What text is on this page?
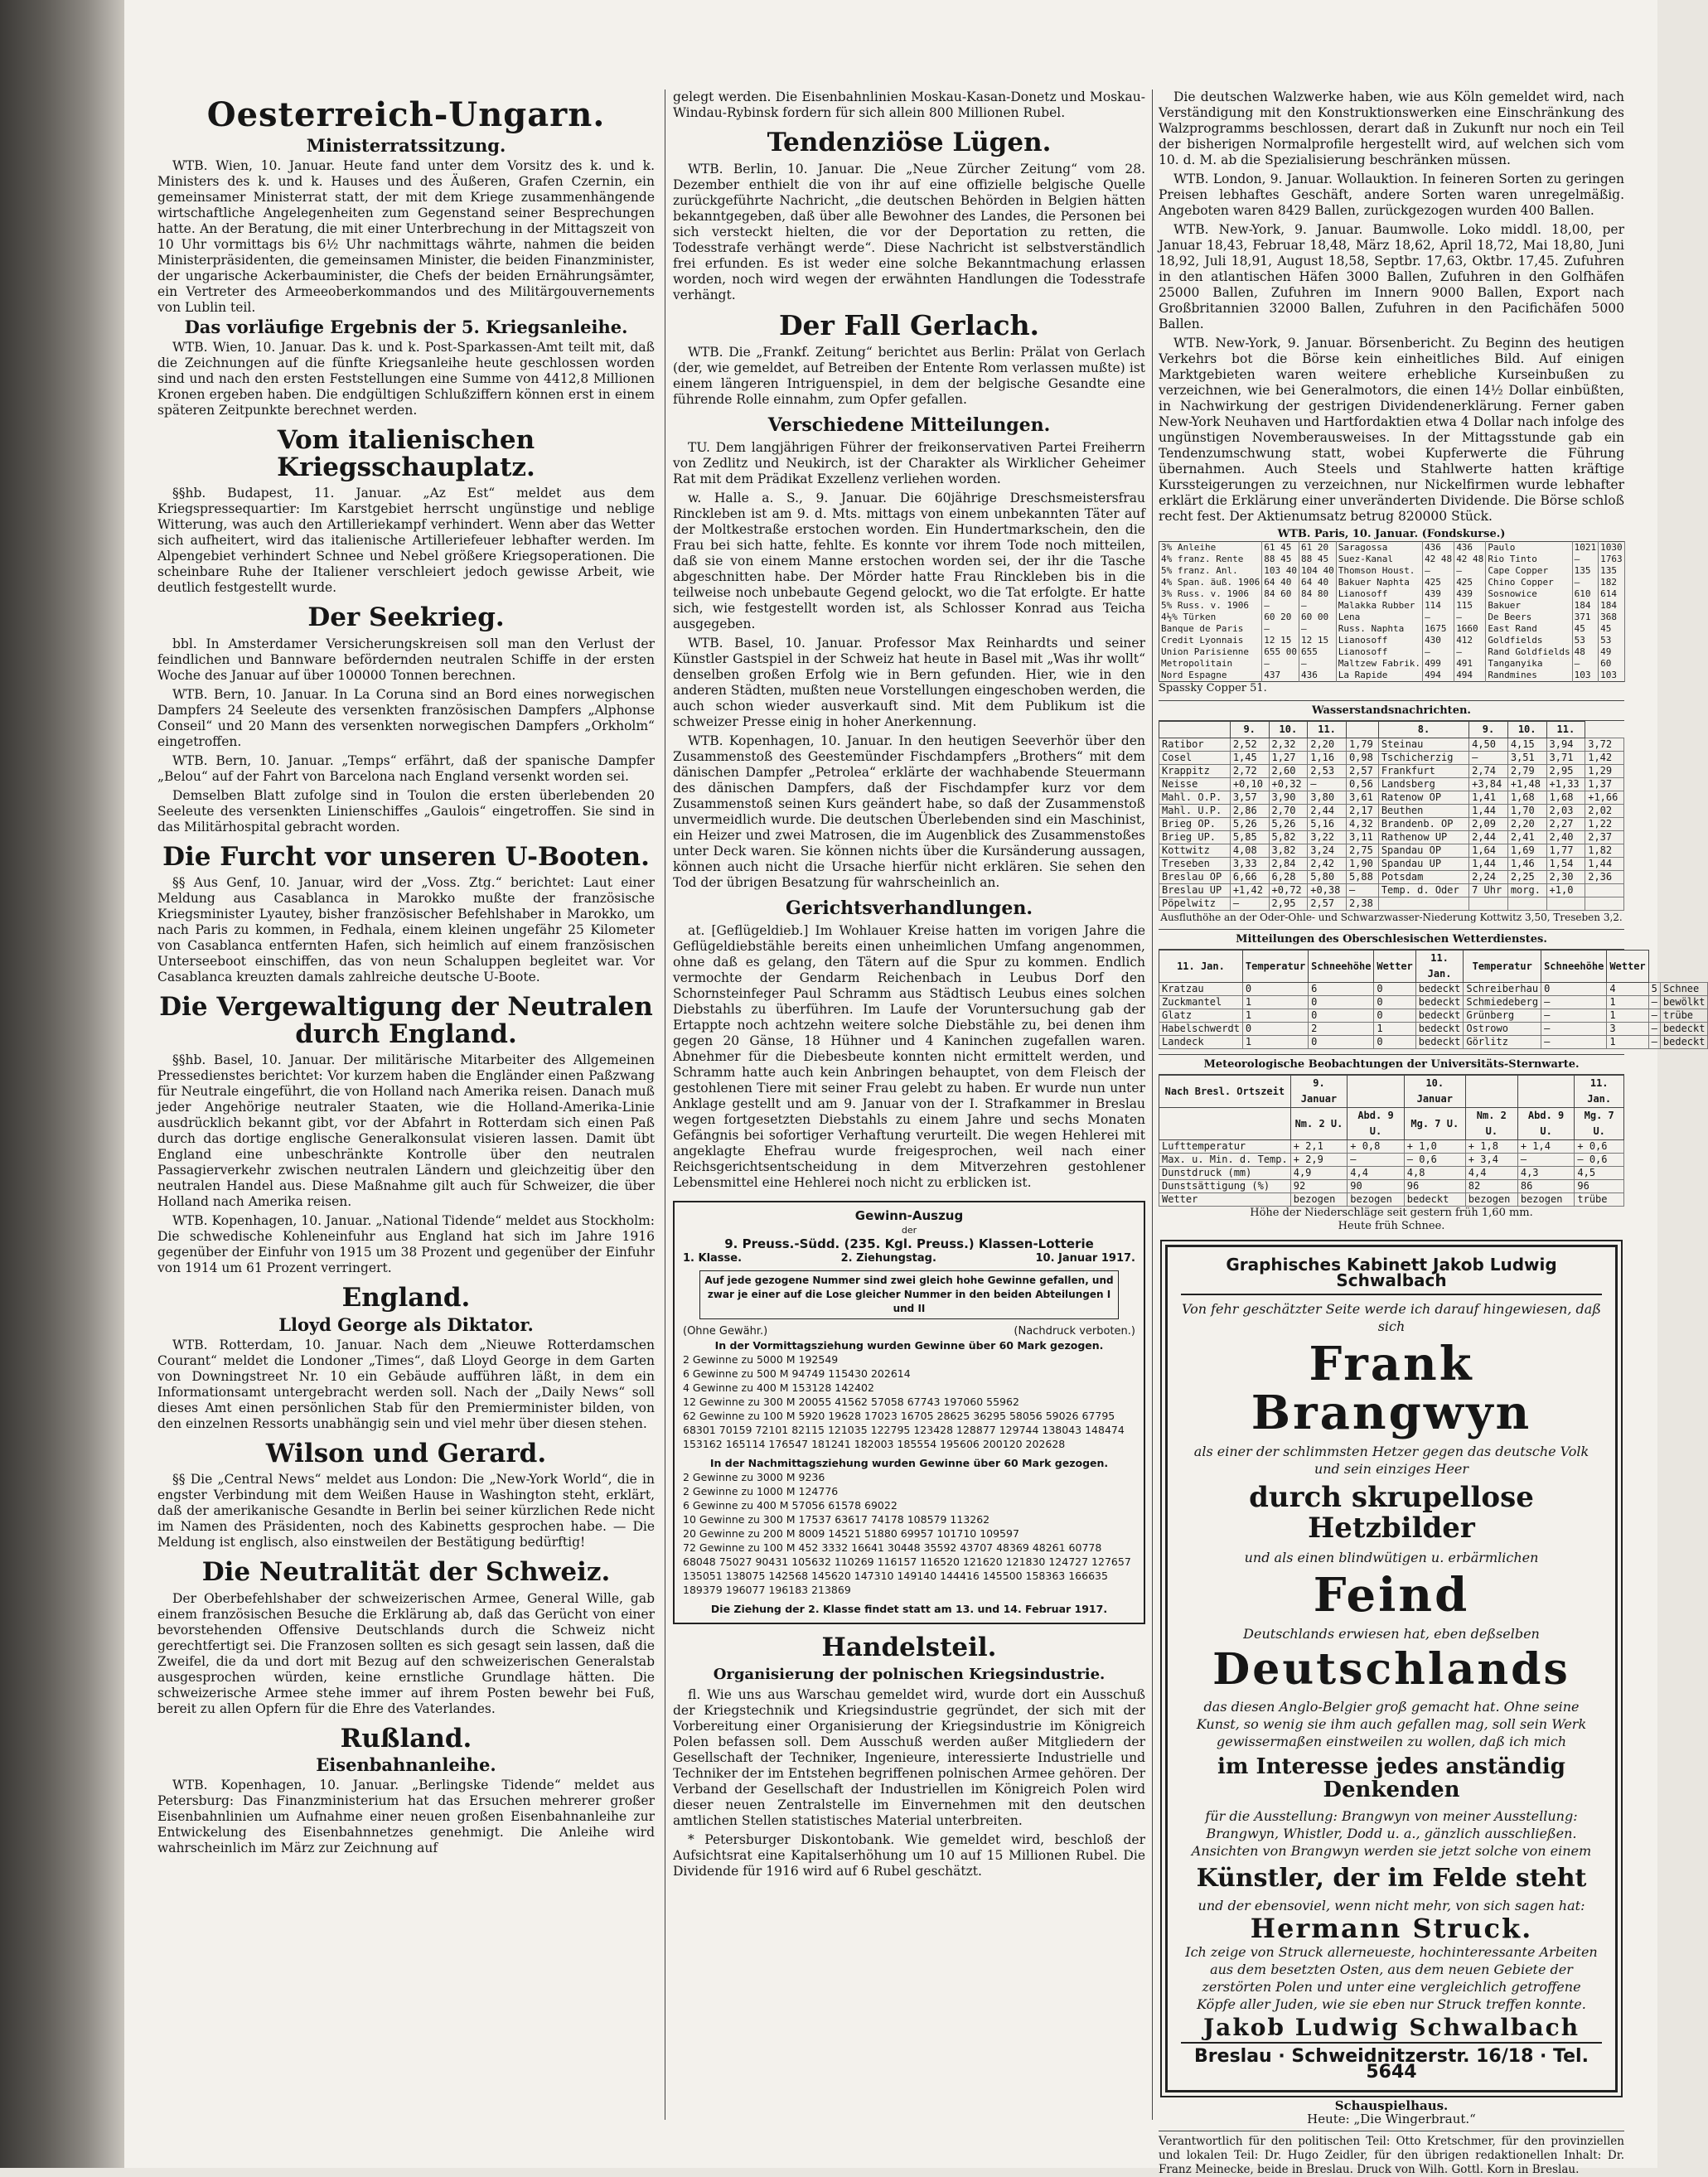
Oesterreich-Ungarn.
Ministerratssitzung.

WTB. Wien, 10. Januar. Heute fand unter dem Vorsitz des k. und k. Ministers des k. und k. Hauses und des Äußeren, Grafen Czernin, ein gemeinsamer Ministerrat statt, der mit dem Kriege zusammenhängende wirtschaftliche Angelegenheiten zum Gegenstand seiner Besprechungen hatte. An der Beratung, die mit einer Unterbrechung in der Mittagszeit von 10 Uhr vormittags bis 6½ Uhr nachmittags währte, nahmen die beiden Ministerpräsidenten, die gemeinsamen Minister, die beiden Finanzminister, der ungarische Ackerbauminister, die Chefs der beiden Ernährungsämter, ein Vertreter des Armeeoberkommandos und des Militärgouvernements von Lublin teil.

Das vorläufige Ergebnis der 5. Kriegsanleihe.

WTB. Wien, 10. Januar. Das k. und k. Post-Sparkassen-Amt teilt mit, daß die Zeichnungen auf die fünfte Kriegsanleihe heute geschlossen worden sind und nach den ersten Feststellungen eine Summe von 4412,8 Millionen Kronen ergeben haben. Die endgültigen Schlußziffern können erst in einem späteren Zeitpunkte berechnet werden.

Vom italienischen Kriegsschauplatz.

§§hb. Budapest, 11. Januar. „Az Est“ meldet aus dem Kriegspressequartier: Im Karstgebiet herrscht ungünstige und neblige Witterung, was auch den Artilleriekampf verhindert. Wenn aber das Wetter sich aufheitert, wird das italienische Artilleriefeuer lebhafter werden. Im Alpengebiet verhindert Schnee und Nebel größere Kriegsoperationen. Die scheinbare Ruhe der Italiener verschleiert jedoch gewisse Arbeit, wie deutlich festgestellt wurde.

Der Seekrieg.

bbl. In Amsterdamer Versicherungskreisen soll man den Verlust der feindlichen und Bannware befördernden neutralen Schiffe in der ersten Woche des Januar auf über 100000 Tonnen berechnen.

WTB. Bern, 10. Januar. In La Coruna sind an Bord eines norwegischen Dampfers 24 Seeleute des versenkten französischen Dampfers „Alphonse Conseil“ und 20 Mann des versenkten norwegischen Dampfers „Orkholm“ eingetroffen.

WTB. Bern, 10. Januar. „Temps“ erfährt, daß der spanische Dampfer „Belou“ auf der Fahrt von Barcelona nach England versenkt worden sei.

Demselben Blatt zufolge sind in Toulon die ersten überlebenden 20 Seeleute des versenkten Linienschiffes „Gaulois“ eingetroffen. Sie sind in das Militärhospital gebracht worden.

Die Furcht vor unseren U-Booten.

§§ Aus Genf, 10. Januar, wird der „Voss. Ztg.“ berichtet: Laut einer Meldung aus Casablanca in Marokko mußte der französische Kriegsminister Lyautey, bisher französischer Befehlshaber in Marokko, um nach Paris zu kommen, in Fedhala, einem kleinen ungefähr 25 Kilometer von Casablanca entfernten Hafen, sich heimlich auf einem französischen Unterseeboot einschiffen, das von neun Schaluppen begleitet war. Vor Casablanca kreuzten damals zahlreiche deutsche U-Boote.

Die Vergewaltigung der Neutralen durch England.

§§hb. Basel, 10. Januar. Der militärische Mitarbeiter des Allgemeinen Pressedienstes berichtet: Vor kurzem haben die Engländer einen Paßzwang für Neutrale eingeführt, die von Holland nach Amerika reisen. Danach muß jeder Angehörige neutraler Staaten, wie die Holland-Amerika-Linie ausdrücklich bekannt gibt, vor der Abfahrt in Rotterdam sich einen Paß durch das dortige englische Generalkonsulat visieren lassen. Damit übt England eine unbeschränkte Kontrolle über den neutralen Passagierverkehr zwischen neutralen Ländern und gleichzeitig über den neutralen Handel aus. Diese Maßnahme gilt auch für Schweizer, die über Holland nach Amerika reisen.

WTB. Kopenhagen, 10. Januar. „National Tidende“ meldet aus Stockholm: Die schwedische Kohleneinfuhr aus England hat sich im Jahre 1916 gegenüber der Einfuhr von 1915 um 38 Prozent und gegenüber der Einfuhr von 1914 um 61 Prozent verringert.

England.
Lloyd George als Diktator.

WTB. Rotterdam, 10. Januar. Nach dem „Nieuwe Rotterdamschen Courant“ meldet die Londoner „Times“, daß Lloyd George in dem Garten von Downingstreet Nr. 10 ein Gebäude aufführen läßt, in dem ein Informationsamt untergebracht werden soll. Nach der „Daily News“ soll dieses Amt einen persönlichen Stab für den Premierminister bilden, von den einzelnen Ressorts unabhängig sein und viel mehr über diesen stehen.

Wilson und Gerard.

§§ Die „Central News“ meldet aus London: Die „New-York World“, die in engster Verbindung mit dem Weißen Hause in Washington steht, erklärt, daß der amerikanische Gesandte in Berlin bei seiner kürzlichen Rede nicht im Namen des Präsidenten, noch des Kabinetts gesprochen habe. — Die Meldung ist englisch, also einstweilen der Bestätigung bedürftig!

Die Neutralität der Schweiz.

Der Oberbefehlshaber der schweizerischen Armee, General Wille, gab einem französischen Besuche die Erklärung ab, daß das Gerücht von einer bevorstehenden Offensive Deutschlands durch die Schweiz nicht gerechtfertigt sei. Die Franzosen sollten es sich gesagt sein lassen, daß die Zweifel, die da und dort mit Bezug auf den schweizerischen Generalstab ausgesprochen würden, keine ernstliche Grundlage hätten. Die schweizerische Armee stehe immer auf ihrem Posten bewehr bei Fuß, bereit zu allen Opfern für die Ehre des Vaterlandes.

Rußland.
Eisenbahnanleihe.

WTB. Kopenhagen, 10. Januar. „Berlingske Tidende“ meldet aus Petersburg: Das Finanzministerium hat das Ersuchen mehrerer großer Eisenbahnlinien um Aufnahme einer neuen großen Eisenbahnanleihe zur Entwickelung des Eisenbahnnetzes genehmigt. Die Anleihe wird wahrscheinlich im März zur Zeichnung auf

gelegt werden. Die Eisenbahnlinien Moskau-Kasan-Donetz und Moskau-Windau-Rybinsk fordern für sich allein 800 Millionen Rubel.

Tendenziöse Lügen.

WTB. Berlin, 10. Januar. Die „Neue Zürcher Zeitung“ vom 28. Dezember enthielt die von ihr auf eine offizielle belgische Quelle zurückgeführte Nachricht, „die deutschen Behörden in Belgien hätten bekanntgegeben, daß über alle Bewohner des Landes, die Personen bei sich versteckt hielten, die vor der Deportation zu retten, die Todesstrafe verhängt werde“. Diese Nachricht ist selbstverständlich frei erfunden. Es ist weder eine solche Bekanntmachung erlassen worden, noch wird wegen der erwähnten Handlungen die Todesstrafe verhängt.

Der Fall Gerlach.

WTB. Die „Frankf. Zeitung“ berichtet aus Berlin: Prälat von Gerlach (der, wie gemeldet, auf Betreiben der Entente Rom verlassen mußte) ist einem längeren Intriguenspiel, in dem der belgische Gesandte eine führende Rolle einnahm, zum Opfer gefallen.

Verschiedene Mitteilungen.

TU. Dem langjährigen Führer der freikonservativen Partei Freiherrn von Zedlitz und Neukirch, ist der Charakter als Wirklicher Geheimer Rat mit dem Prädikat Exzellenz verliehen worden.

w. Halle a. S., 9. Januar. Die 60jährige Dreschsmeistersfrau Rinckleben ist am 9. d. Mts. mittags von einem unbekannten Täter auf der Moltkestraße erstochen worden. Ein Hundertmarkschein, den die Frau bei sich hatte, fehlte. Es konnte vor ihrem Tode noch mitteilen, daß sie von einem Manne erstochen worden sei, der ihr die Tasche abgeschnitten habe. Der Mörder hatte Frau Rinckleben bis in die teilweise noch unbebaute Gegend gelockt, wo die Tat erfolgte. Er hatte sich, wie festgestellt worden ist, als Schlosser Konrad aus Teicha ausgegeben.

WTB. Basel, 10. Januar. Professor Max Reinhardts und seiner Künstler Gastspiel in der Schweiz hat heute in Basel mit „Was ihr wollt“ denselben großen Erfolg wie in Bern gefunden. Hier, wie in den anderen Städten, mußten neue Vorstellungen eingeschoben werden, die auch schon wieder ausverkauft sind. Mit dem Publikum ist die schweizer Presse einig in hoher Anerkennung.

WTB. Kopenhagen, 10. Januar. In den heutigen Seeverhör über den Zusammenstoß des Geestemünder Fischdampfers „Brothers“ mit dem dänischen Dampfer „Petrolea“ erklärte der wachhabende Steuermann des dänischen Dampfers, daß der Fischdampfer kurz vor dem Zusammenstoß seinen Kurs geändert habe, so daß der Zusammenstoß unvermeidlich wurde. Die deutschen Überlebenden sind ein Maschinist, ein Heizer und zwei Matrosen, die im Augenblick des Zusammenstoßes unter Deck waren. Sie können nichts über die Kursänderung aussagen, können auch nicht die Ursache hierfür nicht erklären. Sie sehen den Tod der übrigen Besatzung für wahrscheinlich an.

Gerichtsverhandlungen.

at. [Geflügeldieb.] Im Wohlauer Kreise hatten im vorigen Jahre die Geflügeldiebstähle bereits einen unheimlichen Umfang angenommen, ohne daß es gelang, den Tätern auf die Spur zu kommen. Endlich vermochte der Gendarm Reichenbach in Leubus Dorf den Schornsteinfeger Paul Schramm aus Städtisch Leubus eines solchen Diebstahls zu überführen. Im Laufe der Voruntersuchung gab der Ertappte noch achtzehn weitere solche Diebstähle zu, bei denen ihm gegen 20 Gänse, 18 Hühner und 4 Kaninchen zugefallen waren. Abnehmer für die Diebesbeute konnten nicht ermittelt werden, und Schramm hatte auch kein Anbringen behauptet, von dem Fleisch der gestohlenen Tiere mit seiner Frau gelebt zu haben. Er wurde nun unter Anklage gestellt und am 9. Januar von der I. Strafkammer in Breslau wegen fortgesetzten Diebstahls zu einem Jahre und sechs Monaten Gefängnis bei sofortiger Verhaftung verurteilt. Die wegen Hehlerei mit angeklagte Ehefrau wurde freigesprochen, weil nach einer Reichsgerichtsentscheidung in dem Mitverzehren gestohlener Lebensmittel eine Hehlerei noch nicht zu erblicken ist.

Gewinn-Auszug
der
9. Preuss.-Südd. (235. Kgl. Preuss.) Klassen-Lotterie
1. Klasse.	2. Ziehungstag.	10. Januar 1917.
Auf jede gezogene Nummer sind zwei gleich hohe Gewinne gefallen, und zwar je einer auf die Lose gleicher Nummer in den beiden Abteilungen I und II
(Ohne Gewähr.)	(Nachdruck verboten.)

In der Vormittagsziehung wurden Gewinne über 60 Mark gezogen.

2 Gewinne zu 5000 M 192549

6 Gewinne zu 500 M 94749 115430 202614

4 Gewinne zu 400 M 153128 142402

12 Gewinne zu 300 M 20055 41562 57058 67743 197060 55962

62 Gewinne zu 100 M 5920 19628 17023 16705 28625 36295 58056 59026 67795 68301 70159 72101 82115 121035 122795 123428 128877 129744 138043 148474 153162 165114 176547 181241 182003 185554 195606 200120 202628

In der Nachmittagsziehung wurden Gewinne über 60 Mark gezogen.

2 Gewinne zu 3000 M 9236

2 Gewinne zu 1000 M 124776

6 Gewinne zu 400 M 57056 61578 69022

10 Gewinne zu 300 M 17537 63617 74178 108579 113262

20 Gewinne zu 200 M 8009 14521 51880 69957 101710 109597

72 Gewinne zu 100 M 452 3332 16641 30448 35592 43707 48369 48261 60778 68048 75027 90431 105632 110269 116157 116520 121620 121830 124727 127657 135051 138075 142568 145620 147310 149140 144416 145500 158363 166635 189379 196077 196183 213869

Die Ziehung der 2. Klasse findet statt am 13. und 14. Februar 1917.

Handelsteil.
Organisierung der polnischen Kriegsindustrie.

fl. Wie uns aus Warschau gemeldet wird, wurde dort ein Ausschuß der Kriegstechnik und Kriegsindustrie gegründet, der sich mit der Vorbereitung einer Organisierung der Kriegsindustrie im Königreich Polen befassen soll. Dem Ausschuß werden außer Mitgliedern der Gesellschaft der Techniker, Ingenieure, interessierte Industrielle und Techniker der im Entstehen begriffenen polnischen Armee gehören. Der Verband der Gesellschaft der Industriellen im Königreich Polen wird dieser neuen Zentralstelle im Einvernehmen mit den deutschen amtlichen Stellen statistisches Material unterbreiten.

* Petersburger Diskontobank. Wie gemeldet wird, beschloß der Aufsichtsrat eine Kapitalserhöhung um 10 auf 15 Millionen Rubel. Die Dividende für 1916 wird auf 6 Rubel geschätzt.

Die deutschen Walzwerke haben, wie aus Köln gemeldet wird, nach Verständigung mit den Konstruktionswerken eine Einschränkung des Walzprogramms beschlossen, derart daß in Zukunft nur noch ein Teil der bisherigen Normalprofile hergestellt wird, auf welchen sich vom 10. d. M. ab die Spezialisierung beschränken müssen.

WTB. London, 9. Januar. Wollauktion. In feineren Sorten zu geringen Preisen lebhaftes Geschäft, andere Sorten waren unregelmäßig. Angeboten waren 8429 Ballen, zurückgezogen wurden 400 Ballen.

WTB. New-York, 9. Januar. Baumwolle. Loko middl. 18,00, per Januar 18,43, Februar 18,48, März 18,62, April 18,72, Mai 18,80, Juni 18,92, Juli 18,91, August 18,58, Septbr. 17,63, Oktbr. 17,45. Zufuhren in den atlantischen Häfen 3000 Ballen, Zufuhren in den Golfhäfen 25000 Ballen, Zufuhren im Innern 9000 Ballen, Export nach Großbritannien 32000 Ballen, Zufuhren in den Pacifichäfen 5000 Ballen.

WTB. New-York, 9. Januar. Börsenbericht. Zu Beginn des heutigen Verkehrs bot die Börse kein einheitliches Bild. Auf einigen Marktgebieten waren weitere erhebliche Kurseinbußen zu verzeichnen, wie bei Generalmotors, die einen 14½ Dollar einbüßten, in Nachwirkung der gestrigen Dividendenerklärung. Ferner gaben New-York Neuhaven und Hartfordaktien etwa 4 Dollar nach infolge des ungünstigen Novemberausweises. In der Mittagsstunde gab ein Tendenzumschwung statt, wobei Kupferwerte die Führung übernahmen. Auch Steels und Stahlwerte hatten kräftige Kurssteigerungen zu verzeichnen, nur Nickelfirmen wurde lebhafter erklärt die Erklärung einer unveränderten Dividende. Die Börse schloß recht fest. Der Aktienumsatz betrug 820000 Stück.

WTB. Paris, 10. Januar. (Fondskurse.)
3% Anleihe	61 45	61 20	Saragossa	436	436	Paulo	1021	1030
4% franz. Rente	88 45	88 45	Suez-Kanal	42 48	42 48	Rio Tinto	—	1763
5% franz. Anl.	103 40	104 40	Thomson Houst.	—	—	Cape Copper	135	135
4% Span. äuß. 1906	64 40	64 40	Bakuer Naphta	425	425	Chino Copper	—	182
3% Russ. v. 1906	84 60	84 80	Lianosoff	439	439	Sosnowice	610	614
5% Russ. v. 1906	—	—	Malakka Rubber	114	115	Bakuer	184	184
4½% Türken	60 20	60 00	Lena	—	—	De Beers	371	368
Banque de Paris	—	—	Russ. Naphta	1675	1660	East Rand	45	45
Credit Lyonnais	12 15	12 15	Lianosoff	430	412	Goldfields	53	53
Union Parisienne	655 00	655	Lianosoff	—	—	Rand Goldfields	48	49
Metropolitain	—	—	Maltzew Fabrik.	499	491	Tanganyika	—	60
Nord Espagne	437	436	La Rapide	494	494	Randmines	103	103
Spassky Copper 51.
Wasserstandsnachrichten.
	9.	10.	11.		8.	9.	10.	11.	
Ratibor	2,52	2,32	2,20	1,79	Steinau	4,50	4,15	3,94	3,72
Cosel	1,45	1,27	1,16	0,98	Tschicherzig	—	3,51	3,71	1,42
Krappitz	2,72	2,60	2,53	2,57	Frankfurt	2,74	2,79	2,95	1,29
Neisse	+0,10	+0,32	—	0,56	Landsberg	+3,84	+1,48	+1,33	1,37
Mahl. O.P.	3,57	3,90	3,80	3,61	Ratenow OP	1,41	1,68	1,68	+1,66
Mahl. U.P.	2,86	2,70	2,44	2,17	Beuthen	1,44	1,70	2,03	2,02
Brieg OP.	5,26	5,26	5,16	4,32	Brandenb. OP	2,09	2,20	2,27	1,22
Brieg UP.	5,85	5,82	3,22	3,11	Rathenow UP	2,44	2,41	2,40	2,37
Kottwitz	4,08	3,82	3,24	2,75	Spandau OP	1,64	1,69	1,77	1,82
Treseben	3,33	2,84	2,42	1,90	Spandau UP	1,44	1,46	1,54	1,44
Breslau OP	6,66	6,28	5,80	5,88	Potsdam	2,24	2,25	2,30	2,36
Breslau UP	+1,42	+0,72	+0,38	—	Temp. d. Oder	7 Uhr	morg.	+1,0	
Pöpelwitz	—	2,95	2,57	2,38					
Ausfluthöhe an der Oder-Ohle- und Schwarzwasser-Niederung Kottwitz 3,50, Treseben 3,2.
Mitteilungen des Oberschlesischen Wetterdienstes.
11. Jan.	Temperatur	Schneehöhe	Wetter	11. Jan.	Temperatur	Schneehöhe	Wetter		
Kratzau	0	6	0	bedeckt	Schreiberhau	0	4	5	Schnee
Zuckmantel	1	0	0	bedeckt	Schmiedeberg	—	1	—	bewölkt
Glatz	1	0	0	bedeckt	Grünberg	—	1	—	trübe
Habelschwerdt	0	2	1	bedeckt	Ostrowo	—	3	—	bedeckt
Landeck	1	0	0	bedeckt	Görlitz	—	1	—	bedeckt
Meteorologische Beobachtungen der Universitäts-Sternwarte.
Nach Bresl. Ortszeit	9. Januar		10. Januar			11. Jan.
	Nm. 2 U.	Abd. 9 U.	Mg. 7 U.	Nm. 2 U.	Abd. 9 U.	Mg. 7 U.
Lufttemperatur	+ 2,1	+ 0,8	+ 1,0	+ 1,8	+ 1,4	+ 0,6
Max. u. Min. d. Temp.	+ 2,9	—	— 0,6	+ 3,4	—	— 0,6
Dunstdruck (mm)	4,9	4,4	4,8	4,4	4,3	4,5
Dunstsättigung (%)	92	90	96	82	86	96
Wetter	bezogen	bezogen	bedeckt	bezogen	bezogen	trübe
Höhe der Niederschläge seit gestern früh 1,60 mm.
Heute früh Schnee.
Graphisches Kabinett Jakob Ludwig Schwalbach
Von fehr geschätzter Seite werde ich darauf hingewiesen, daß sich
Frank Brangwyn
als einer der schlimmsten Hetzer gegen das deutsche Volk und sein einziges Heer
durch skrupellose Hetzbilder
und als einen blindwütigen u. erbärmlichen
Feind
Deutschlands erwiesen hat, eben deßselben
Deutschlands
das diesen Anglo-Belgier groß gemacht hat. Ohne seine Kunst, so wenig sie ihm auch gefallen mag, soll sein Werk gewissermaßen einstweilen zu wollen, daß ich mich
im Interesse jedes anständig Denkenden
für die Ausstellung: Brangwyn von meiner Ausstellung: Brangwyn, Whistler, Dodd u. a., gänzlich ausschließen. Ansichten von Brangwyn werden sie jetzt solche von einem
Künstler, der im Felde steht
und der ebensoviel, wenn nicht mehr, von sich sagen hat:
Hermann Struck.
Ich zeige von Struck allerneueste, hochinteressante Arbeiten aus dem besetzten Osten, aus dem neuen Gebiete der zerstörten Polen und unter eine vergleichlich getroffene Köpfe aller Juden, wie sie eben nur Struck treffen konnte.
Jakob Ludwig Schwalbach
Breslau · Schweidnitzerstr. 16/18 · Tel. 5644
Schauspielhaus.
Heute: „Die Wingerbraut.“
Verantwortlich für den politischen Teil: Otto Kretschmer, für den provinziellen und lokalen Teil: Dr. Hugo Zeidler, für den übrigen redaktionellen Inhalt: Dr. Franz Meinecke, beide in Breslau. Druck von Wilh. Gottl. Korn in Breslau.
